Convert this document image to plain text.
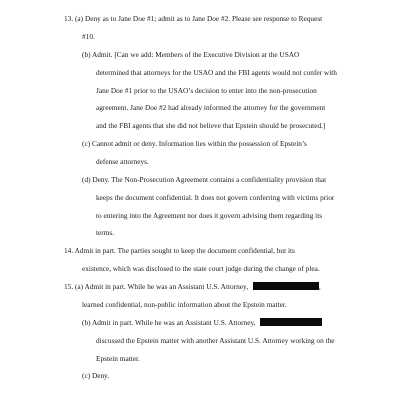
13. (a) Deny as to Jane Doe #1; admit as to Jane Doe #2. Please see response to Request
#10.
(b) Admit. [Can we add: Members of the Executive Division at the USAO
determined that attorneys for the USAO and the FBI agents would not confer with
Jane Doe #1 prior to the USAO’s decision to enter into the non-prosecution
agreement. Jane Doe #2 had already informed the attorney for the government
and the FBI agents that she did not believe that Epstein should be prosecuted.]
(c) Cannot admit or deny. Information lies within the possession of Epstein’s
defense attorneys.
(d) Deny. The Non-Prosecution Agreement contains a confidentiality provision that
keeps the document confidential. It does not govern conferring with victims prior
to entering into the Agreement nor does it govern advising them regarding its
terms.
14. Admit in part. The parties sought to keep the document confidential, but its
existence, which was disclosed to the state court judge during the change of plea.
15. (a) Admit in part. While he was an Assistant U.S. Attorney,	,
learned confidential, non-public information about the Epstein matter.
(b) Admit in part. While he was an Assistant U.S. Attorney,
discussed the Epstein matter with another Assistant U.S. Attorney working on the
Epstein matter.
(c) Deny.
